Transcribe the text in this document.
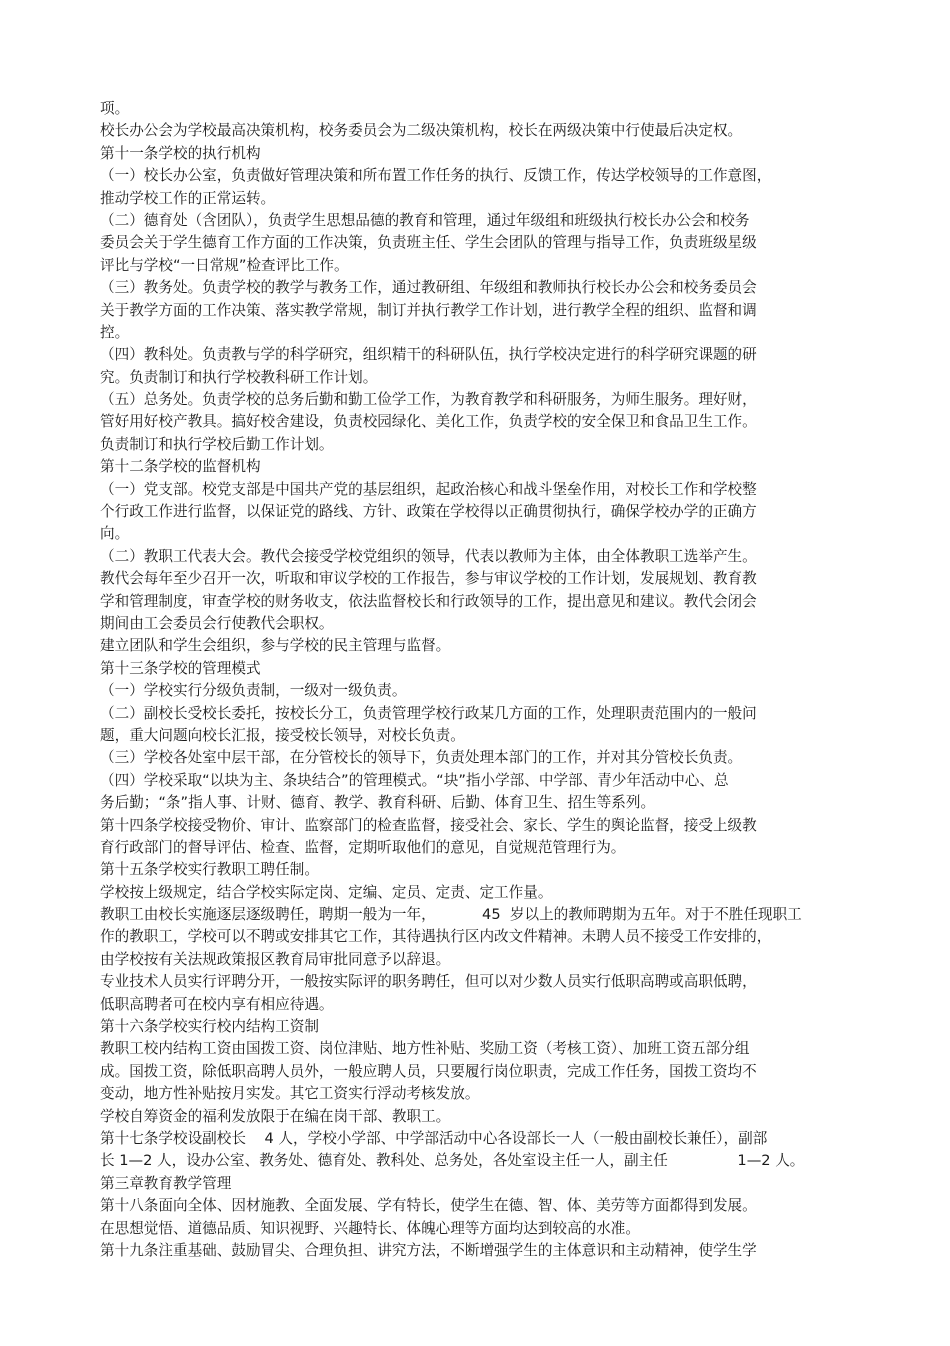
项。
校长办公会为学校最高决策机构，校务委员会为二级决策机构，校长在两级决策中行使最后决定权。
第十一条学校的执行机构
（一）校长办公室，负责做好管理决策和所布置工作任务的执行、反馈工作，传达学校领导的工作意图，
推动学校工作的正常运转。
（二）德育处（含团队），负责学生思想品德的教育和管理，通过年级组和班级执行校长办公会和校务
委员会关于学生德育工作方面的工作决策，负责班主任、学生会团队的管理与指导工作，负责班级星级
评比与学校“一日常规”检查评比工作。
（三）教务处。负责学校的教学与教务工作，通过教研组、年级组和教师执行校长办公会和校务委员会
关于教学方面的工作决策、落实教学常规，制订并执行教学工作计划，进行教学全程的组织、监督和调
控。
（四）教科处。负责教与学的科学研究，组织精干的科研队伍，执行学校决定进行的科学研究课题的研
究。负责制订和执行学校教科研工作计划。
（五）总务处。负责学校的总务后勤和勤工俭学工作，为教育教学和科研服务，为师生服务。理好财，
管好用好校产教具。搞好校舍建设，负责校园绿化、美化工作，负责学校的安全保卫和食品卫生工作。
负责制订和执行学校后勤工作计划。
第十二条学校的监督机构
（一）党支部。校党支部是中国共产党的基层组织，起政治核心和战斗堡垒作用，对校长工作和学校整
个行政工作进行监督，以保证党的路线、方针、政策在学校得以正确贯彻执行，确保学校办学的正确方
向。
（二）教职工代表大会。教代会接受学校党组织的领导，代表以教师为主体，由全体教职工选举产生。
教代会每年至少召开一次，听取和审议学校的工作报告，参与审议学校的工作计划，发展规划、教育教
学和管理制度，审查学校的财务收支，依法监督校长和行政领导的工作，提出意见和建议。教代会闭会
期间由工会委员会行使教代会职权。
建立团队和学生会组织，参与学校的民主管理与监督。
第十三条学校的管理模式
（一）学校实行分级负责制，一级对一级负责。
（二）副校长受校长委托，按校长分工，负责管理学校行政某几方面的工作，处理职责范围内的一般问
题，重大问题向校长汇报，接受校长领导，对校长负责。
（三）学校各处室中层干部，在分管校长的领导下，负责处理本部门的工作，并对其分管校长负责。
（四）学校采取“以块为主、条块结合”的管理模式。“块”指小学部、中学部、青少年活动中心、总
务后勤；“条”指人事、计财、德育、教学、教育科研、后勤、体育卫生、招生等系列。
第十四条学校接受物价、审计、监察部门的检查监督，接受社会、家长、学生的舆论监督，接受上级教
育行政部门的督导评估、检查、监督，定期听取他们的意见，自觉规范管理行为。
第十五条学校实行教职工聘任制。
学校按上级规定，结合学校实际定岗、定编、定员、定责、定工作量。
教职工由校长实施逐层逐级聘任，聘期一般为一年，          45  岁以上的教师聘期为五年。对于不胜任现职工
作的教职工，学校可以不聘或安排其它工作，其待遇执行区内改文件精神。未聘人员不接受工作安排的，
由学校按有关法规政策报区教育局审批同意予以辞退。
专业技术人员实行评聘分开，一般按实际评的职务聘任，但可以对少数人员实行低职高聘或高职低聘，
低职高聘者可在校内享有相应待遇。
第十六条学校实行校内结构工资制
教职工校内结构工资由国拨工资、岗位津贴、地方性补贴、奖励工资（考核工资）、加班工资五部分组
成。国拨工资，除低职高聘人员外，一般应聘人员，只要履行岗位职责，完成工作任务，国拨工资均不
变动，地方性补贴按月实发。其它工资实行浮动考核发放。
学校自筹资金的福利发放限于在编在岗干部、教职工。
第十七条学校设副校长    4 人，学校小学部、中学部活动中心各设部长一人（一般由副校长兼任），副部
长 1—2 人，设办公室、教务处、德育处、教科处、总务处，各处室设主任一人，副主任               1—2 人。
第三章教育教学管理
第十八条面向全体、因材施教、全面发展、学有特长，使学生在德、智、体、美劳等方面都得到发展。
在思想觉悟、道德品质、知识视野、兴趣特长、体魄心理等方面均达到较高的水准。
第十九条注重基础、鼓励冒尖、合理负担、讲究方法，不断增强学生的主体意识和主动精神，使学生学
